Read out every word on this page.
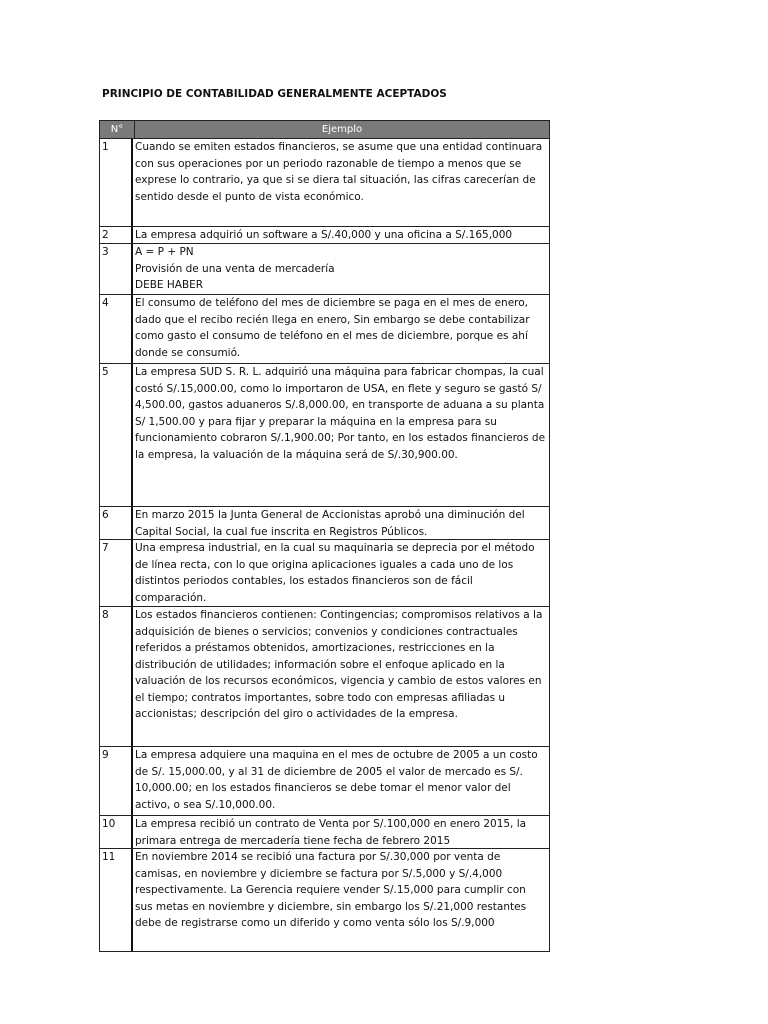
PRINCIPIO DE CONTABILIDAD GENERALMENTE ACEPTADOS
N°	Ejemplo
1	Cuando se emiten estados financieros, se asume que una entidad continuara con sus operaciones por un periodo razonable de tiempo a menos que se exprese lo contrario, ya que si se diera tal situación, las cifras carecerían de sentido desde el punto de vista económico.

2	La empresa adquirió un software a S/.40,000 y una oficina a S/.165,000

3	A = P + PN

Provisión de una venta de mercadería

DEBE HABER

4	El consumo de teléfono del mes de diciembre se paga en el mes de enero, dado que el recibo recién llega en enero, Sin embargo se debe contabilizar como gasto el consumo de teléfono en el mes de diciembre, porque es ahí donde se consumió.

5	La empresa SUD S. R. L. adquirió una máquina para fabricar chompas, la cual costó S/.15,000.00, como lo importaron de USA, en flete y seguro se gastó S/ 4,500.00, gastos aduaneros S/.8,000.00, en transporte de aduana a su planta S/ 1,500.00 y para fijar y preparar la máquina en la empresa para su funcionamiento cobraron S/.1,900.00; Por tanto, en los estados financieros de la empresa, la valuación de la máquina será de S/.30,900.00.

6	En marzo 2015 la Junta General de Accionistas aprobó una diminución del Capital Social, la cual fue inscrita en Registros Públicos.

7	Una empresa industrial, en la cual su maquinaria se deprecia por el método de línea recta, con lo que origina aplicaciones iguales a cada uno de los distintos periodos contables, los estados financieros son de fácil comparación.

8	Los estados financieros contienen: Contingencias; compromisos relativos a la adquisición de bienes o servicios; convenios y condiciones contractuales referidos a préstamos obtenidos, amortizaciones, restricciones en la distribución de utilidades; información sobre el enfoque aplicado en la valuación de los recursos económicos, vigencia y cambio de estos valores en el tiempo; contratos importantes, sobre todo con empresas afiliadas u accionistas; descripción del giro o actividades de la empresa.

9	La empresa adquiere una maquina en el mes de octubre de 2005 a un costo de S/. 15,000.00, y al 31 de diciembre de 2005 el valor de mercado es S/. 10,000.00; en los estados financieros se debe tomar el menor valor del activo, o sea S/.10,000.00.

10	La empresa recibió un contrato de Venta por S/.100,000 en enero 2015, la primara entrega de mercadería tiene fecha de febrero 2015

11	En noviembre 2014 se recibió una factura por S/.30,000 por venta de camisas, en noviembre y diciembre se factura por S/.5,000 y S/.4,000 respectivamente. La Gerencia requiere vender S/.15,000 para cumplir con sus metas en noviembre y diciembre, sin embargo los S/.21,000 restantes debe de registrarse como un diferido y como venta sólo los S/.9,000
